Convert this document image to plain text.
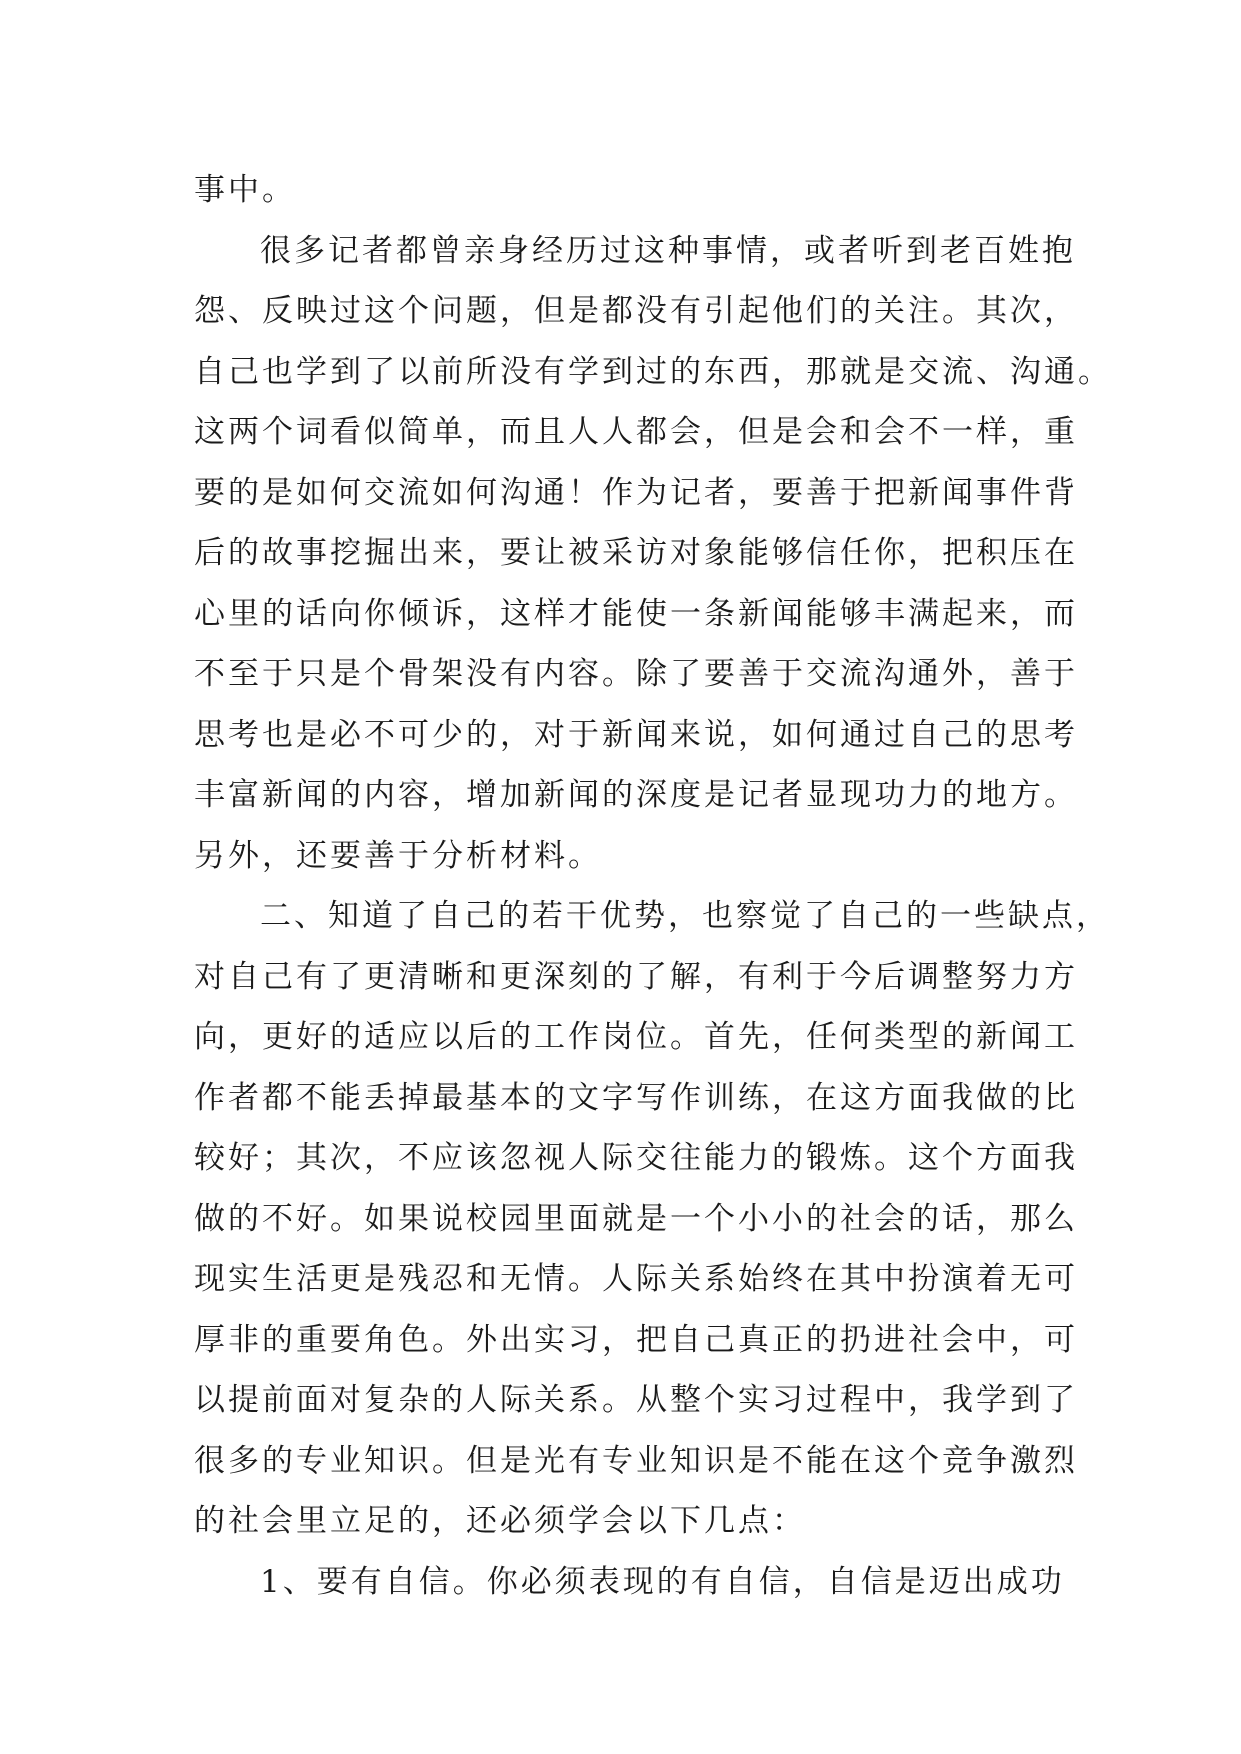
事中。
很多记者都曾亲身经历过这种事情，或者听到老百姓抱
怨、反映过这个问题，但是都没有引起他们的关注。其次，
自己也学到了以前所没有学到过的东西，那就是交流、沟通。
这两个词看似简单，而且人人都会，但是会和会不一样，重
要的是如何交流如何沟通！作为记者，要善于把新闻事件背
后的故事挖掘出来，要让被采访对象能够信任你，把积压在
心里的话向你倾诉，这样才能使一条新闻能够丰满起来，而
不至于只是个骨架没有内容。除了要善于交流沟通外，善于
思考也是必不可少的，对于新闻来说，如何通过自己的思考
丰富新闻的内容，增加新闻的深度是记者显现功力的地方。
另外，还要善于分析材料。
二、知道了自己的若干优势，也察觉了自己的一些缺点，
对自己有了更清晰和更深刻的了解，有利于今后调整努力方
向，更好的适应以后的工作岗位。首先，任何类型的新闻工
作者都不能丢掉最基本的文字写作训练，在这方面我做的比
较好；其次，不应该忽视人际交往能力的锻炼。这个方面我
做的不好。如果说校园里面就是一个小小的社会的话，那么
现实生活更是残忍和无情。人际关系始终在其中扮演着无可
厚非的重要角色。外出实习，把自己真正的扔进社会中，可
以提前面对复杂的人际关系。从整个实习过程中，我学到了
很多的专业知识。但是光有专业知识是不能在这个竞争激烈
的社会里立足的，还必须学会以下几点：
1、要有自信。你必须表现的有自信，自信是迈出成功
